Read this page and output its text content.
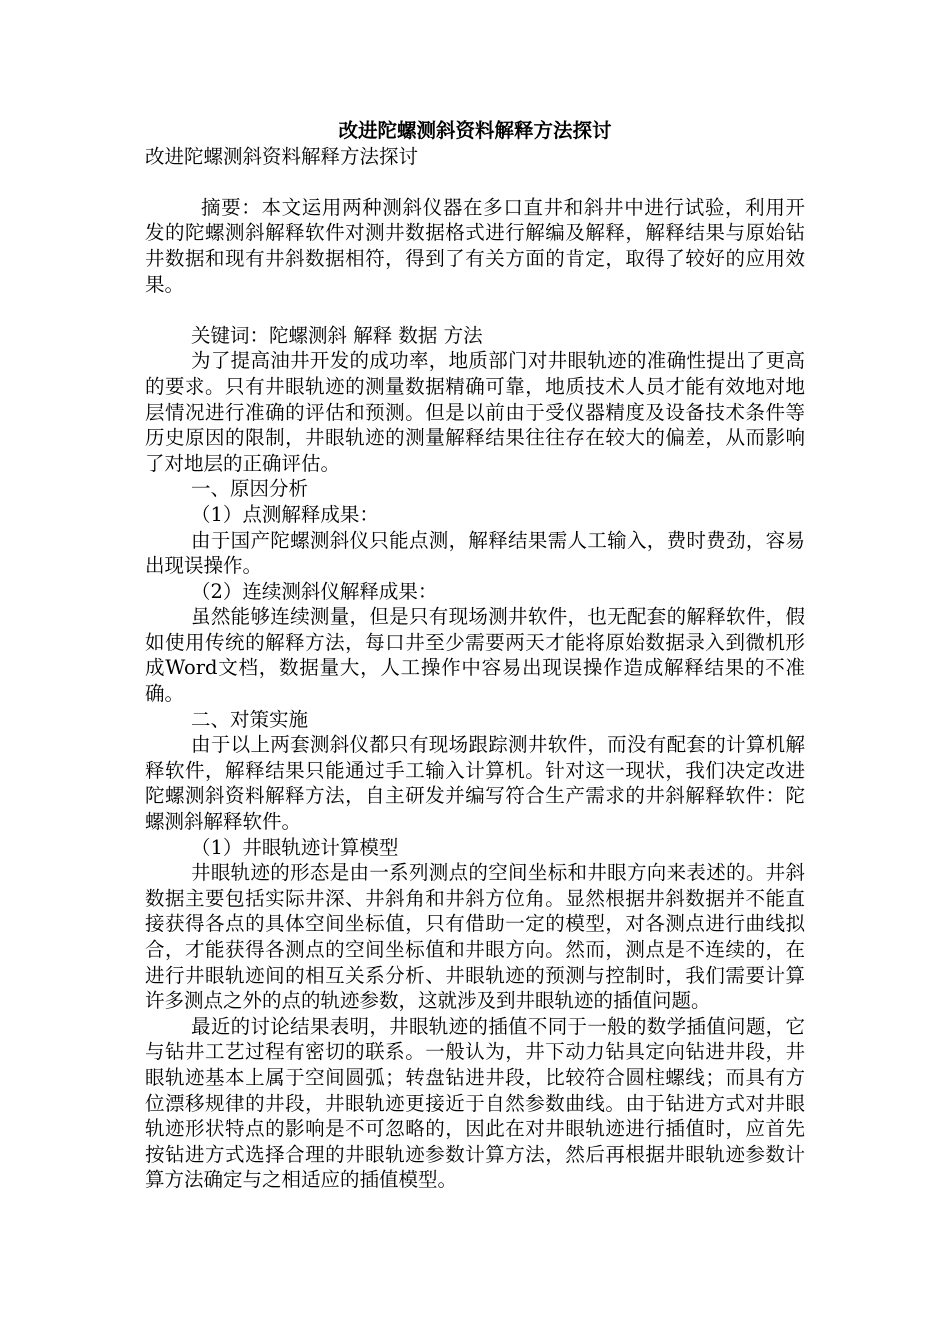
改进陀螺测斜资料解释方法探讨

改进陀螺测斜资料解释方法探讨

摘要：本文运用两种测斜仪器在多口直井和斜井中进行试验，利用开发的陀螺测斜解释软件对测井数据格式进行解编及解释，解释结果与原始钻井数据和现有井斜数据相符，得到了有关方面的肯定，取得了较好的应用效果。

关键词：陀螺测斜 解释 数据 方法

为了提高油井开发的成功率，地质部门对井眼轨迹的准确性提出了更高的要求。只有井眼轨迹的测量数据精确可靠，地质技术人员才能有效地对地层情况进行准确的评估和预测。但是以前由于受仪器精度及设备技术条件等历史原因的限制，井眼轨迹的测量解释结果往往存在较大的偏差，从而影响了对地层的正确评估。

一、原因分析

（1）点测解释成果：

由于国产陀螺测斜仪只能点测，解释结果需人工输入，费时费劲，容易出现误操作。

（2）连续测斜仪解释成果：

虽然能够连续测量，但是只有现场测井软件，也无配套的解释软件，假如使用传统的解释方法，每口井至少需要两天才能将原始数据录入到微机形成Word文档，数据量大，人工操作中容易出现误操作造成解释结果的不准确。

二、对策实施

由于以上两套测斜仪都只有现场跟踪测井软件，而没有配套的计算机解释软件，解释结果只能通过手工输入计算机。针对这一现状，我们决定改进陀螺测斜资料解释方法，自主研发并编写符合生产需求的井斜解释软件：陀螺测斜解释软件。

（1）井眼轨迹计算模型

井眼轨迹的形态是由一系列测点的空间坐标和井眼方向来表述的。井斜数据主要包括实际井深、井斜角和井斜方位角。显然根据井斜数据并不能直接获得各点的具体空间坐标值，只有借助一定的模型，对各测点进行曲线拟合，才能获得各测点的空间坐标值和井眼方向。然而，测点是不连续的，在进行井眼轨迹间的相互关系分析、井眼轨迹的预测与控制时，我们需要计算许多测点之外的点的轨迹参数，这就涉及到井眼轨迹的插值问题。

最近的讨论结果表明，井眼轨迹的插值不同于一般的数学插值问题，它与钻井工艺过程有密切的联系。一般认为，井下动力钻具定向钻进井段，井眼轨迹基本上属于空间圆弧；转盘钻进井段，比较符合圆柱螺线；而具有方位漂移规律的井段，井眼轨迹更接近于自然参数曲线。由于钻进方式对井眼轨迹形状特点的影响是不可忽略的，因此在对井眼轨迹进行插值时，应首先按钻进方式选择合理的井眼轨迹参数计算方法，然后再根据井眼轨迹参数计算方法确定与之相适应的插值模型。
